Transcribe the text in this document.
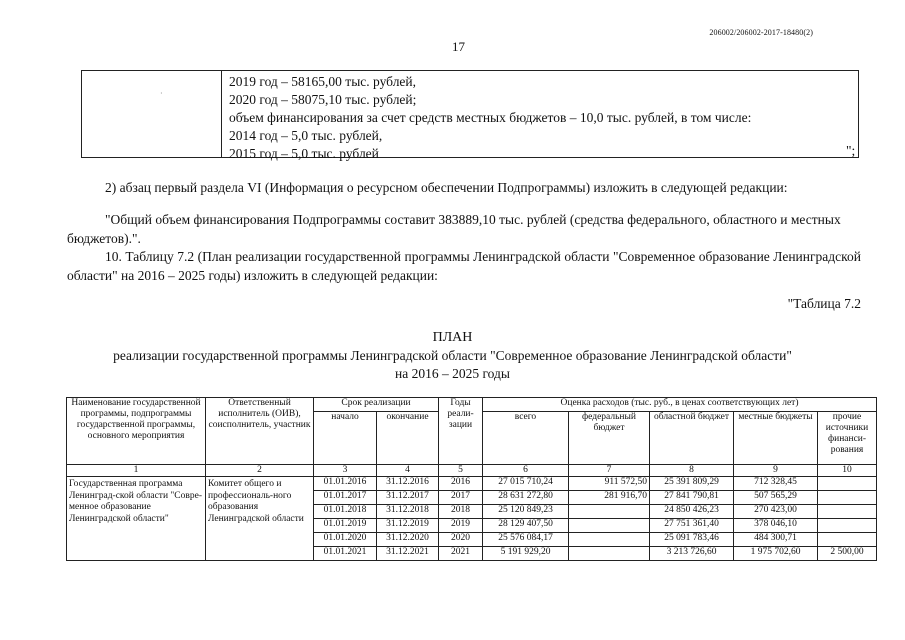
206002/206002-2017-18480(2)
17
·
2019 год – 58165,00 тыс. рублей,
2020 год – 58075,10 тыс. рублей;
объем финансирования за счет средств местных бюджетов – 10,0 тыс. рублей, в том числе:
2014 год – 5,0 тыс. рублей,
2015 год – 5,0 тыс. рублей	";
2) абзац первый раздела VI (Информация о ресурсном обеспечении Подпрограммы) изложить в следующей редакции:
"Общий объем финансирования Подпрограммы составит 383889,10 тыс. рублей (средства федерального, областного и местных бюджетов).".
10. Таблицу 7.2 (План реализации государственной программы Ленинградской области "Современное образование Ленинградской области" на 2016 – 2025 годы) изложить в следующей редакции:
"Таблица 7.2
ПЛАН
реализации государственной программы Ленинградской области "Современное образование Ленинградской области"
на 2016 – 2025 годы
Наименование государственной программы, подпрограммы государственной программы, основного мероприятия	Ответственный исполнитель (ОИВ), соисполнитель, участник	Срок реализации		Годы реали-зации	Оценка расходов (тыс. руб., в ценах соответствующих лет)				
		начало	окончание		всего	федеральный бюджет	областной бюджет	местные бюджеты	прочие источники финанси-рования
1	2	3	4	5	6	7	8	9	10
Государственная программа Ленинград-ской области "Совре-менное образование Ленинградской области"	Комитет общего и профессиональ-ного образования Ленинградской области	01.01.2016	31.12.2016	2016	27 015 710,24	911 572,50	25 391 809,29	712 328,45	
		01.01.2017	31.12.2017	2017	28 631 272,80	281 916,70	27 841 790,81	507 565,29	
		01.01.2018	31.12.2018	2018	25 120 849,23		24 850 426,23	270 423,00	
		01.01.2019	31.12.2019	2019	28 129 407,50		27 751 361,40	378 046,10	
		01.01.2020	31.12.2020	2020	25 576 084,17		25 091 783,46	484 300,71	
		01.01.2021	31.12.2021	2021	5 191 929,20		3 213 726,60	1 975 702,60	2 500,00
